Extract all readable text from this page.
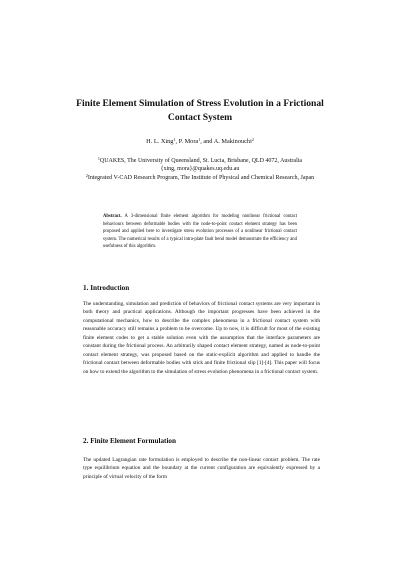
Finite Element Simulation of Stress Evolution in a Frictional Contact System
H. L. Xing$^1$, P. Mora$^1$, and A. Makinouchi$^2$
$^1$QUAKES, The University of Queensland, St. Lucia, Brisbane, QLD 4072, Australia
{xing, mora}@quakes.uq.edu.au
$^2$Integrated V-CAD Research Program, The Institute of Physical and Chemical Research, Japan
Abstract. A 3-dimensional finite element algorithm for modeling nonlinear frictional contact behaviours between deformable bodies with the node-to-point contact element strategy has been proposed and applied here to investigate stress evolution processes of a nonlinear frictional contact system. The numerical results of a typical intra-plate fault bend model demonstrate the efficiency and usefulness of this algorithm.
1. Introduction
The understanding, simulation and prediction of behaviors of frictional contact systems are very important in both theory and practical applications. Although the important progresses have been achieved in the computational mechanics, how to describe the complex phenomena in a frictional contact system with reasonable accuracy still remains a problem to be overcome. Up to now, it is difficult for most of the existing finite element codes to get a stable solution even with the assumption that the interface parameters are constant during the frictional process. An arbitrarily shaped contact element strategy, named as node-to-point contact element strategy, was proposed based on the static-explicit algorithm and applied to handle the frictional contact between deformable bodies with stick and finite frictional slip [1]-[4]. This paper will focus on how to extend the algorithm to the simulation of stress evolution phenomena in a frictional contact system.
2. Finite Element Formulation
The updated Lagrangian rate formulation is employed to describe the non-linear contact problem. The rate type equilibrium equation and the boundary at the current configuration are equivalently expressed by a principle of virtual velocity of the form
